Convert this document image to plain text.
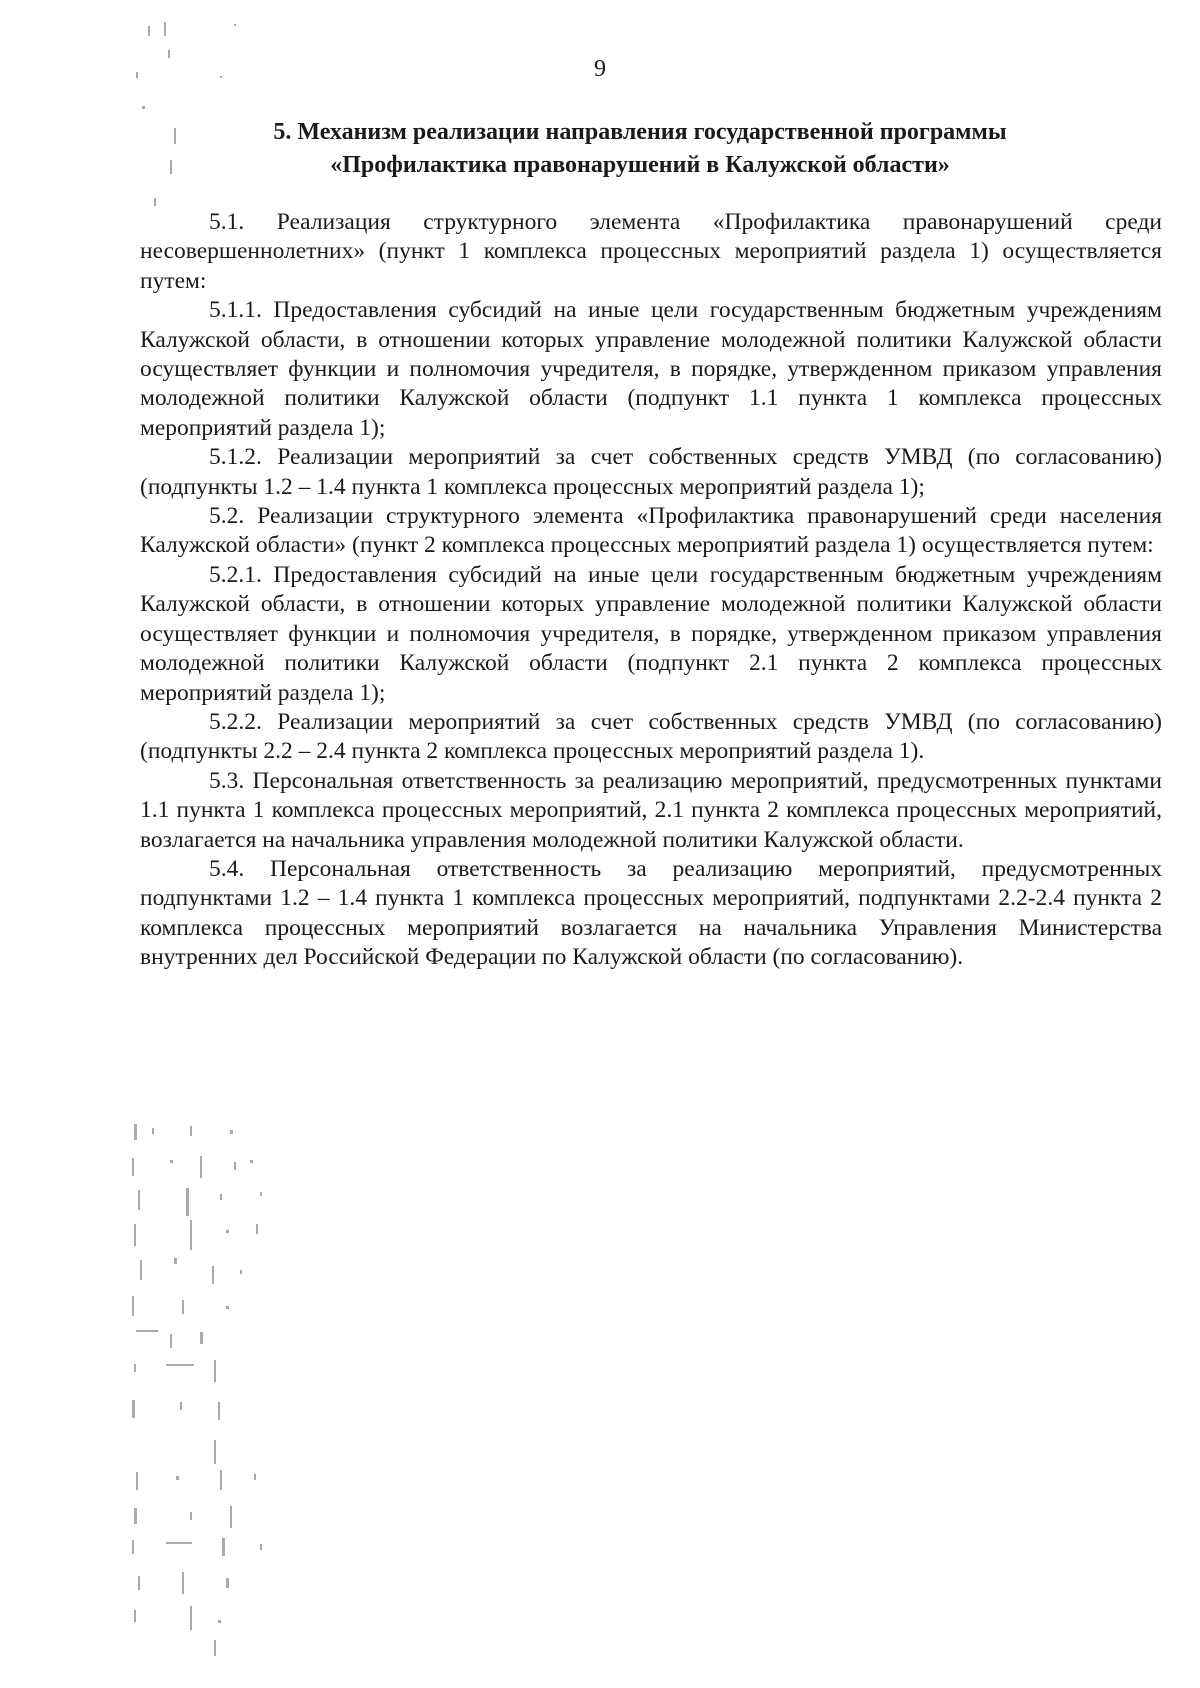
9
5. Механизм реализации направления государственной программы
«Профилактика правонарушений в Калужской области»

5.1. Реализация структурного элемента «Профилактика правонарушений среди несовершеннолетних» (пункт 1 комплекса процессных мероприятий раздела 1) осуществляется путем:

5.1.1. Предоставления субсидий на иные цели государственным бюджетным учреждениям Калужской области, в отношении которых управление молодежной политики Калужской области осуществляет функции и полномочия учредителя, в порядке, утвержденном приказом управления молодежной политики Калужской области (подпункт 1.1 пункта 1 комплекса процессных мероприятий раздела 1);

5.1.2. Реализации мероприятий за счет собственных средств УМВД (по согласованию) (подпункты 1.2 – 1.4 пункта 1 комплекса процессных мероприятий раздела 1);

5.2. Реализации структурного элемента «Профилактика правонарушений среди населения Калужской области» (пункт 2 комплекса процессных мероприятий раздела 1) осуществляется путем:

5.2.1. Предоставления субсидий на иные цели государственным бюджетным учреждениям Калужской области, в отношении которых управление молодежной политики Калужской области осуществляет функции и полномочия учредителя, в порядке, утвержденном приказом управления молодежной политики Калужской области (подпункт 2.1 пункта 2 комплекса процессных мероприятий раздела 1);

5.2.2. Реализации мероприятий за счет собственных средств УМВД (по согласованию) (подпункты 2.2 – 2.4 пункта 2 комплекса процессных мероприятий раздела 1).

5.3. Персональная ответственность за реализацию мероприятий, предусмотренных пунктами 1.1 пункта 1 комплекса процессных мероприятий, 2.1 пункта 2 комплекса процессных мероприятий, возлагается на начальника управления молодежной политики Калужской области.

5.4. Персональная ответственность за реализацию мероприятий, предусмотренных подпунктами 1.2 – 1.4 пункта 1 комплекса процессных мероприятий, подпунктами 2.2-2.4 пункта 2 комплекса процессных мероприятий возлагается на начальника Управления Министерства внутренних дел Российской Федерации по Калужской области (по согласованию).
